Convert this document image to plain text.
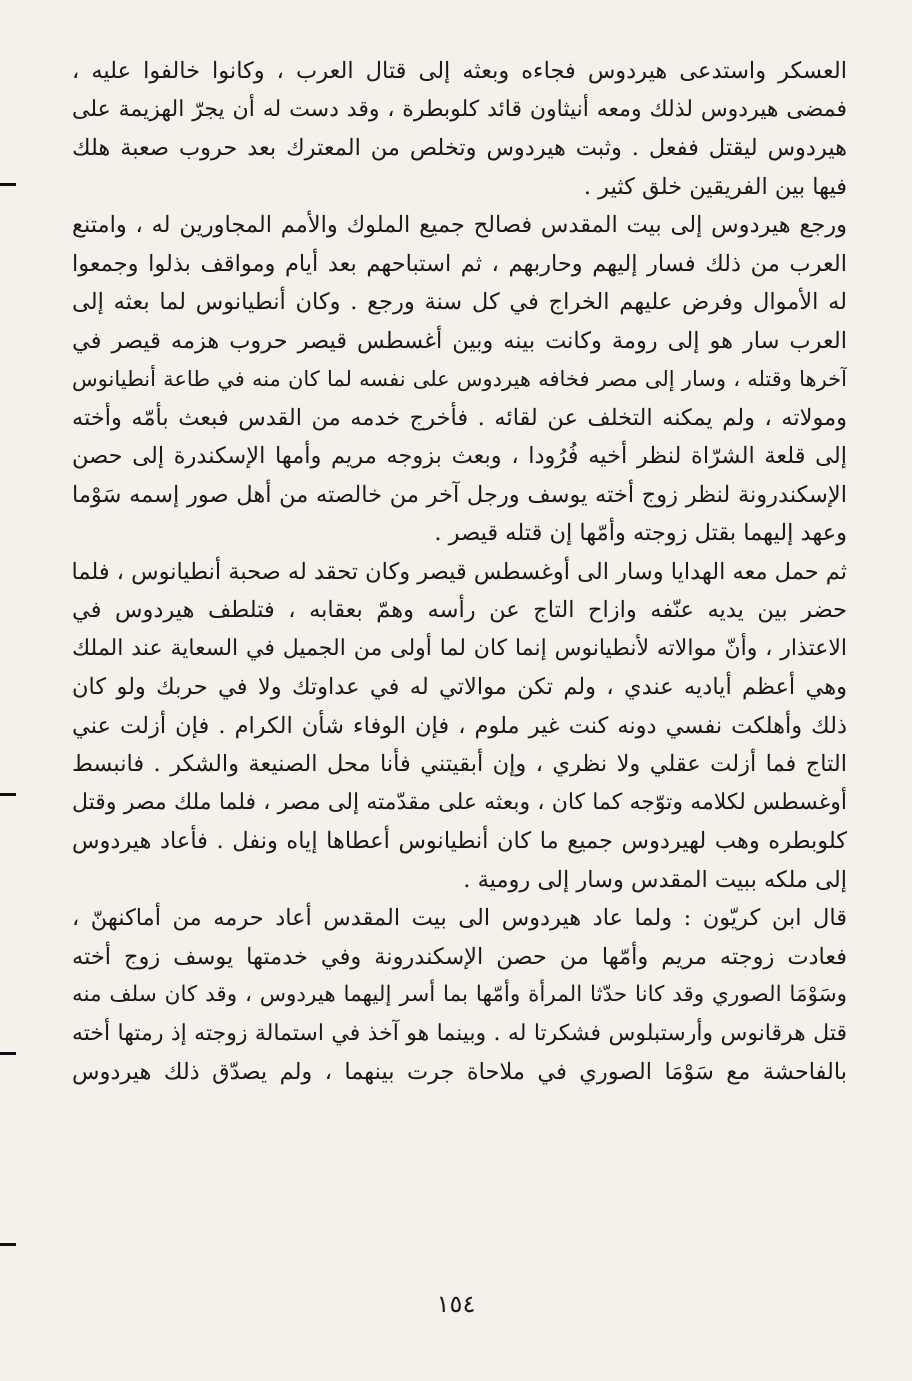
العسكر واستدعى هيردوس فجاءه وبعثه إلى قتال العرب ، وكانوا خالفوا عليه ،
فمضى هيردوس لذلك ومعه أنيثاون قائد كلوبطرة ، وقد دست له أن يجرّ الهزيمة على
هيردوس ليقتل ففعل . وثبت هيردوس وتخلص من المعترك بعد حروب صعبة هلك
فيها بين الفريقين خلق كثير .

ورجع هيردوس إلى بيت المقدس فصالح جميع الملوك والأمم المجاورين له ، وامتنع
العرب من ذلك فسار إليهم وحاربهم ، ثم استباحهم بعد أيام ومواقف بذلوا وجمعوا
له الأموال وفرض عليهم الخراج في كل سنة ورجع . وكان أنطيانوس لما بعثه إلى
العرب سار هو إلى رومة وكانت بينه وبين أغسطس قيصر حروب هزمه قيصر في
آخرها وقتله ، وسار إلى مصر فخافه هيردوس على نفسه لما كان منه في طاعة أنطيانوس
ومولاته ، ولم يمكنه التخلف عن لقائه . فأخرج خدمه من القدس فبعث بأمّه وأخته
إلى قلعة الشرّاة لنظر أخيه فُرُودا ، وبعث بزوجه مريم وأمها الإسكندرة إلى حصن
الإسكندرونة لنظر زوج أخته يوسف ورجل آخر من خالصته من أهل صور إسمه سَوْما
وعهد إليهما بقتل زوجته وأمّها إن قتله قيصر .

ثم حمل معه الهدايا وسار الى أوغسطس قيصر وكان تحقد له صحبة أنطيانوس ، فلما
حضر بين يديه عنّفه وازاح التاج عن رأسه وهمّ بعقابه ، فتلطف هيردوس في
الاعتذار ، وأنّ موالاته لأنطيانوس إنما كان لما أولى من الجميل في السعاية عند الملك
وهي أعظم أياديه عندي ، ولم تكن موالاتي له في عداوتك ولا في حربك ولو كان
ذلك وأهلكت نفسي دونه كنت غير ملوم ، فإن الوفاء شأن الكرام . فإن أزلت عني
التاج فما أزلت عقلي ولا نظري ، وإن أبقيتني فأنا محل الصنيعة والشكر . فانبسط
أوغسطس لكلامه وتوّجه كما كان ، وبعثه على مقدّمته إلى مصر ، فلما ملك مصر وقتل
كلوبطره وهب لهيردوس جميع ما كان أنطيانوس أعطاها إياه ونفل . فأعاد هيردوس
إلى ملكه ببيت المقدس وسار إلى رومية .

قال ابن كريّون : ولما عاد هيردوس الى بيت المقدس أعاد حرمه من أماكنهنّ ،
فعادت زوجته مريم وأمّها من حصن الإسكندرونة وفي خدمتها يوسف زوج أخته
وسَوْمَا الصوري وقد كانا حدّثا المرأة وأمّها بما أسر إليهما هيردوس ، وقد كان سلف منه
قتل هرقانوس وأرستبلوس فشكرتا له . وبينما هو آخذ في استمالة زوجته إذ رمتها أخته
بالفاحشة مع سَوْمَا الصوري في ملاحاة جرت بينهما ، ولم يصدّق ذلك هيردوس

١٥٤
